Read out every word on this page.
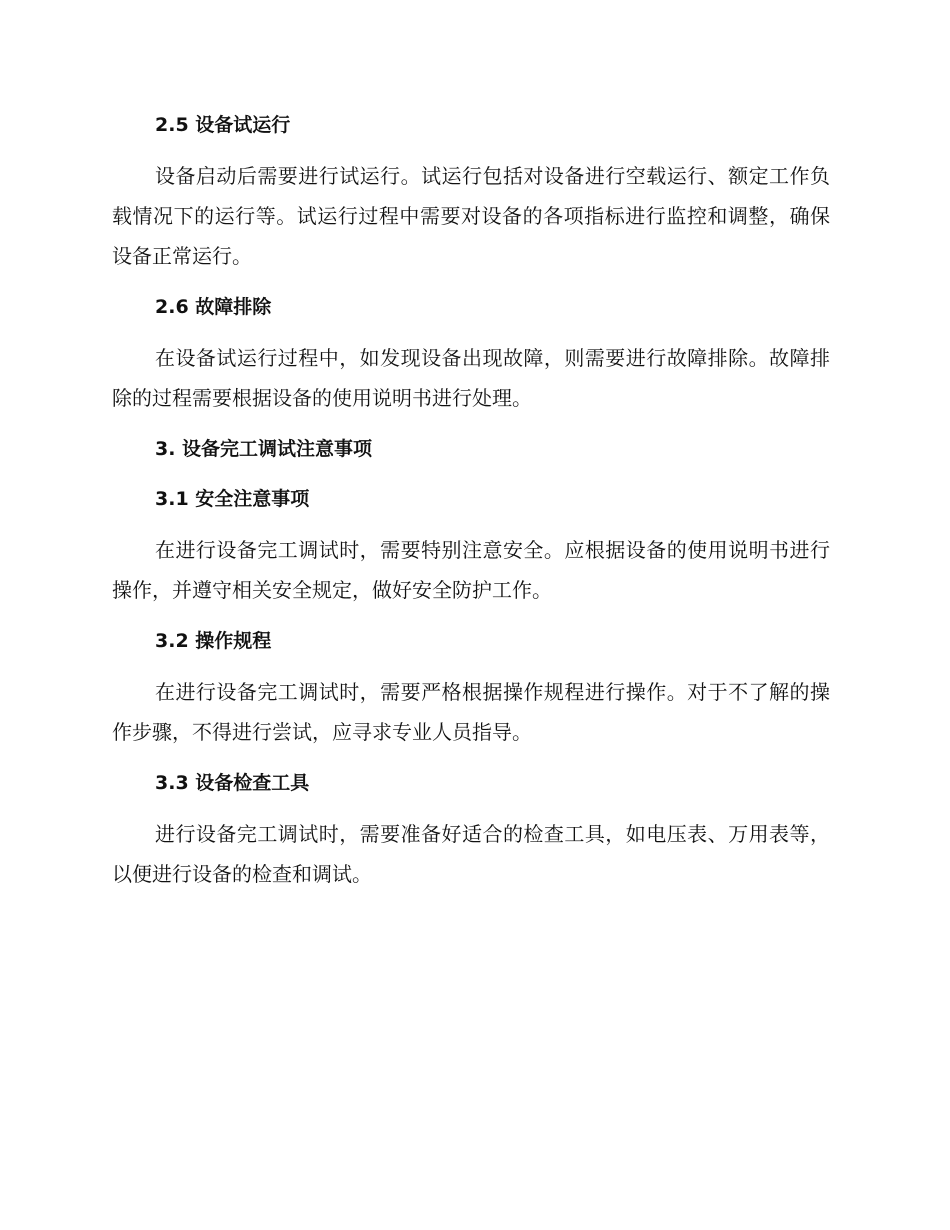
2.5 设备试运行

设备启动后需要进行试运行。试运行包括对设备进行空载运行、额定工作负载情况下的运行等。试运行过程中需要对设备的各项指标进行监控和调整，确保设备正常运行。

2.6 故障排除

在设备试运行过程中，如发现设备出现故障，则需要进行故障排除。故障排除的过程需要根据设备的使用说明书进行处理。

3. 设备完工调试注意事项
3.1 安全注意事项

在进行设备完工调试时，需要特别注意安全。应根据设备的使用说明书进行操作，并遵守相关安全规定，做好安全防护工作。

3.2 操作规程

在进行设备完工调试时，需要严格根据操作规程进行操作。对于不了解的操作步骤，不得进行尝试，应寻求专业人员指导。

3.3 设备检查工具

进行设备完工调试时，需要准备好适合的检查工具，如电压表、万用表等，以便进行设备的检查和调试。
